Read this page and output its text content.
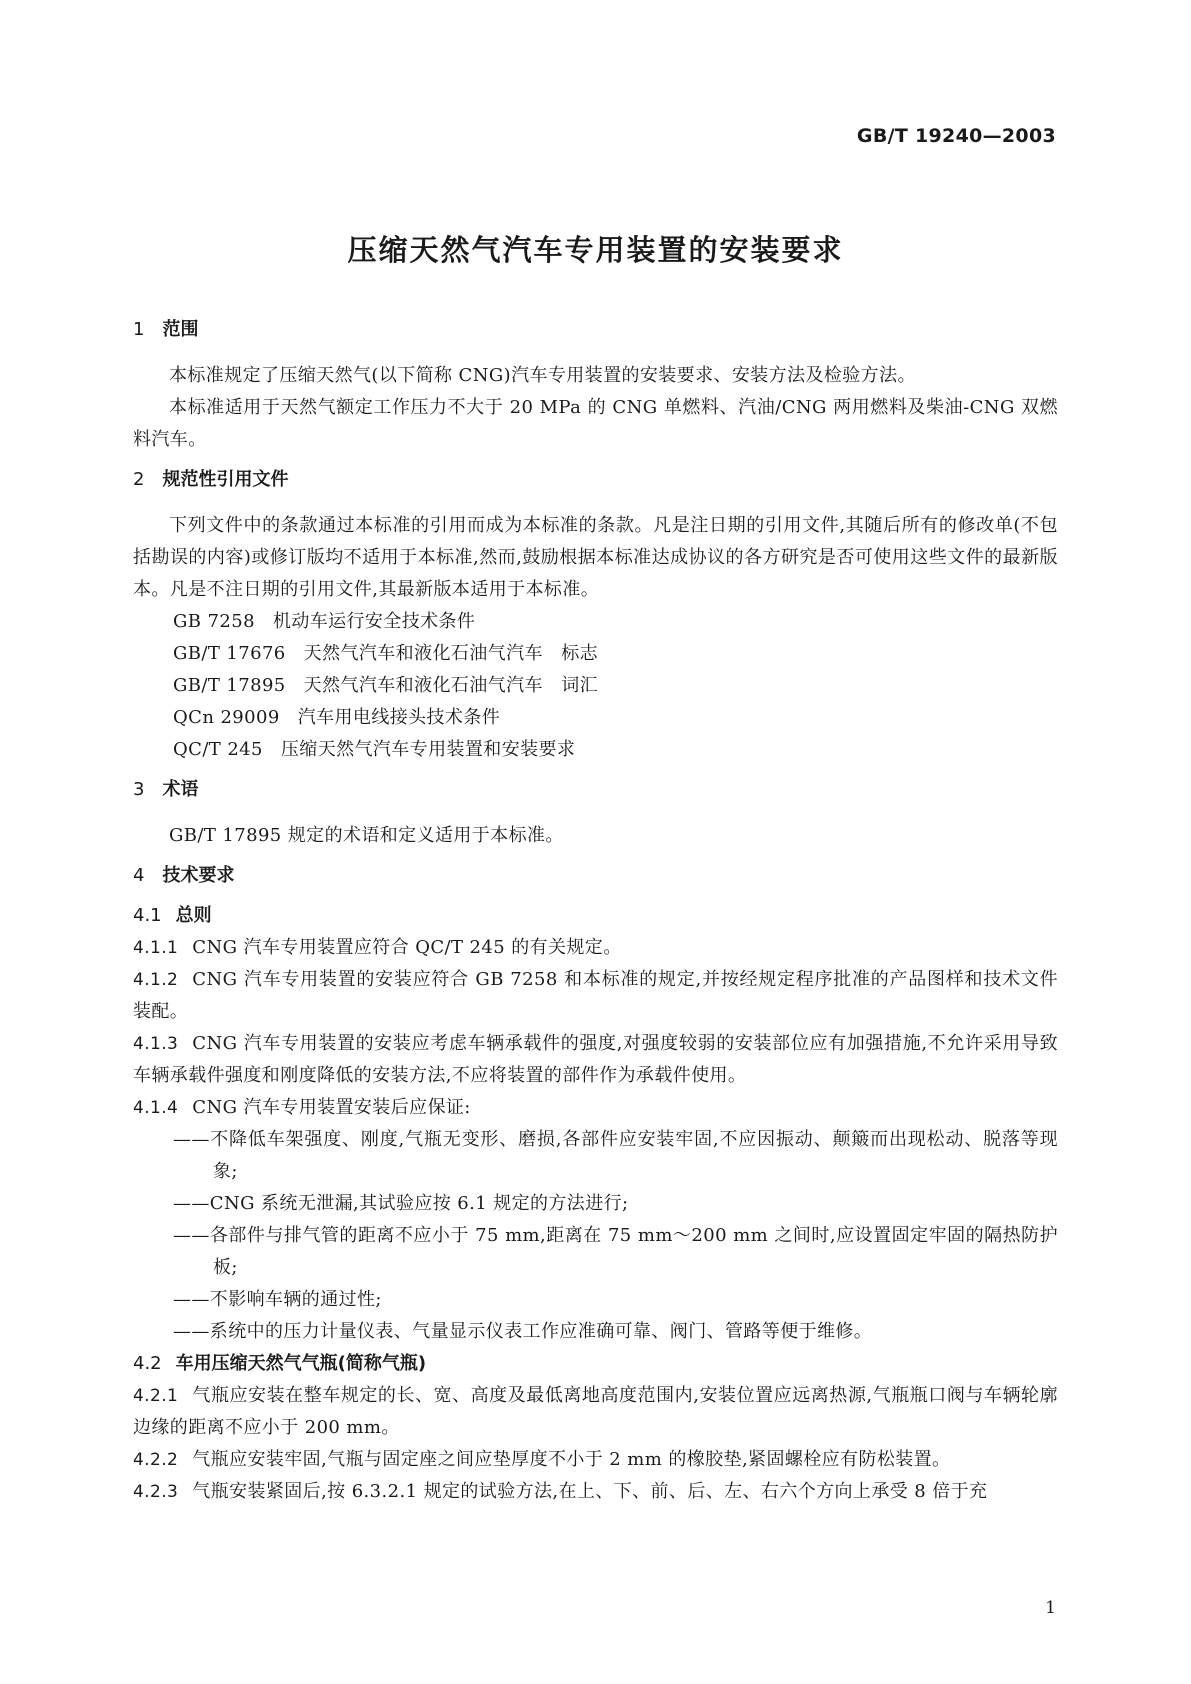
GB/T 19240—2003
压缩天然气汽车专用装置的安装要求
1 范围
本标准规定了压缩天然气(以下简称 CNG)汽车专用装置的安装要求、安装方法及检验方法。
本标准适用于天然气额定工作压力不大于 20 MPa 的 CNG 单燃料、汽油/CNG 两用燃料及柴油-CNG 双燃料汽车。
2 规范性引用文件
下列文件中的条款通过本标准的引用而成为本标准的条款。凡是注日期的引用文件,其随后所有的修改单(不包括勘误的内容)或修订版均不适用于本标准,然而,鼓励根据本标准达成协议的各方研究是否可使用这些文件的最新版本。凡是不注日期的引用文件,其最新版本适用于本标准。
GB 7258 机动车运行安全技术条件
GB/T 17676 天然气汽车和液化石油气汽车　标志
GB/T 17895 天然气汽车和液化石油气汽车　词汇
QCn 29009 汽车用电线接头技术条件
QC/T 245 压缩天然气汽车专用装置和安装要求
3 术语
GB/T 17895 规定的术语和定义适用于本标准。
4 技术要求
4.1 总则
4.1.1 CNG 汽车专用装置应符合 QC/T 245 的有关规定。
4.1.2 CNG 汽车专用装置的安装应符合 GB 7258 和本标准的规定,并按经规定程序批准的产品图样和技术文件装配。
4.1.3 CNG 汽车专用装置的安装应考虑车辆承载件的强度,对强度较弱的安装部位应有加强措施,不允许采用导致车辆承载件强度和刚度降低的安装方法,不应将装置的部件作为承载件使用。
4.1.4 CNG 汽车专用装置安装后应保证:
——不降低车架强度、刚度,气瓶无变形、磨损,各部件应安装牢固,不应因振动、颠簸而出现松动、脱落等现象;
——CNG 系统无泄漏,其试验应按 6.1 规定的方法进行;
——各部件与排气管的距离不应小于 75 mm,距离在 75 mm～200 mm 之间时,应设置固定牢固的隔热防护板;
——不影响车辆的通过性;
——系统中的压力计量仪表、气量显示仪表工作应准确可靠、阀门、管路等便于维修。
4.2 车用压缩天然气气瓶(简称气瓶)
4.2.1 气瓶应安装在整车规定的长、宽、高度及最低离地高度范围内,安装位置应远离热源,气瓶瓶口阀与车辆轮廓边缘的距离不应小于 200 mm。
4.2.2 气瓶应安装牢固,气瓶与固定座之间应垫厚度不小于 2 mm 的橡胶垫,紧固螺栓应有防松装置。
4.2.3 气瓶安装紧固后,按 6.3.2.1 规定的试验方法,在上、下、前、后、左、右六个方向上承受 8 倍于充
1
